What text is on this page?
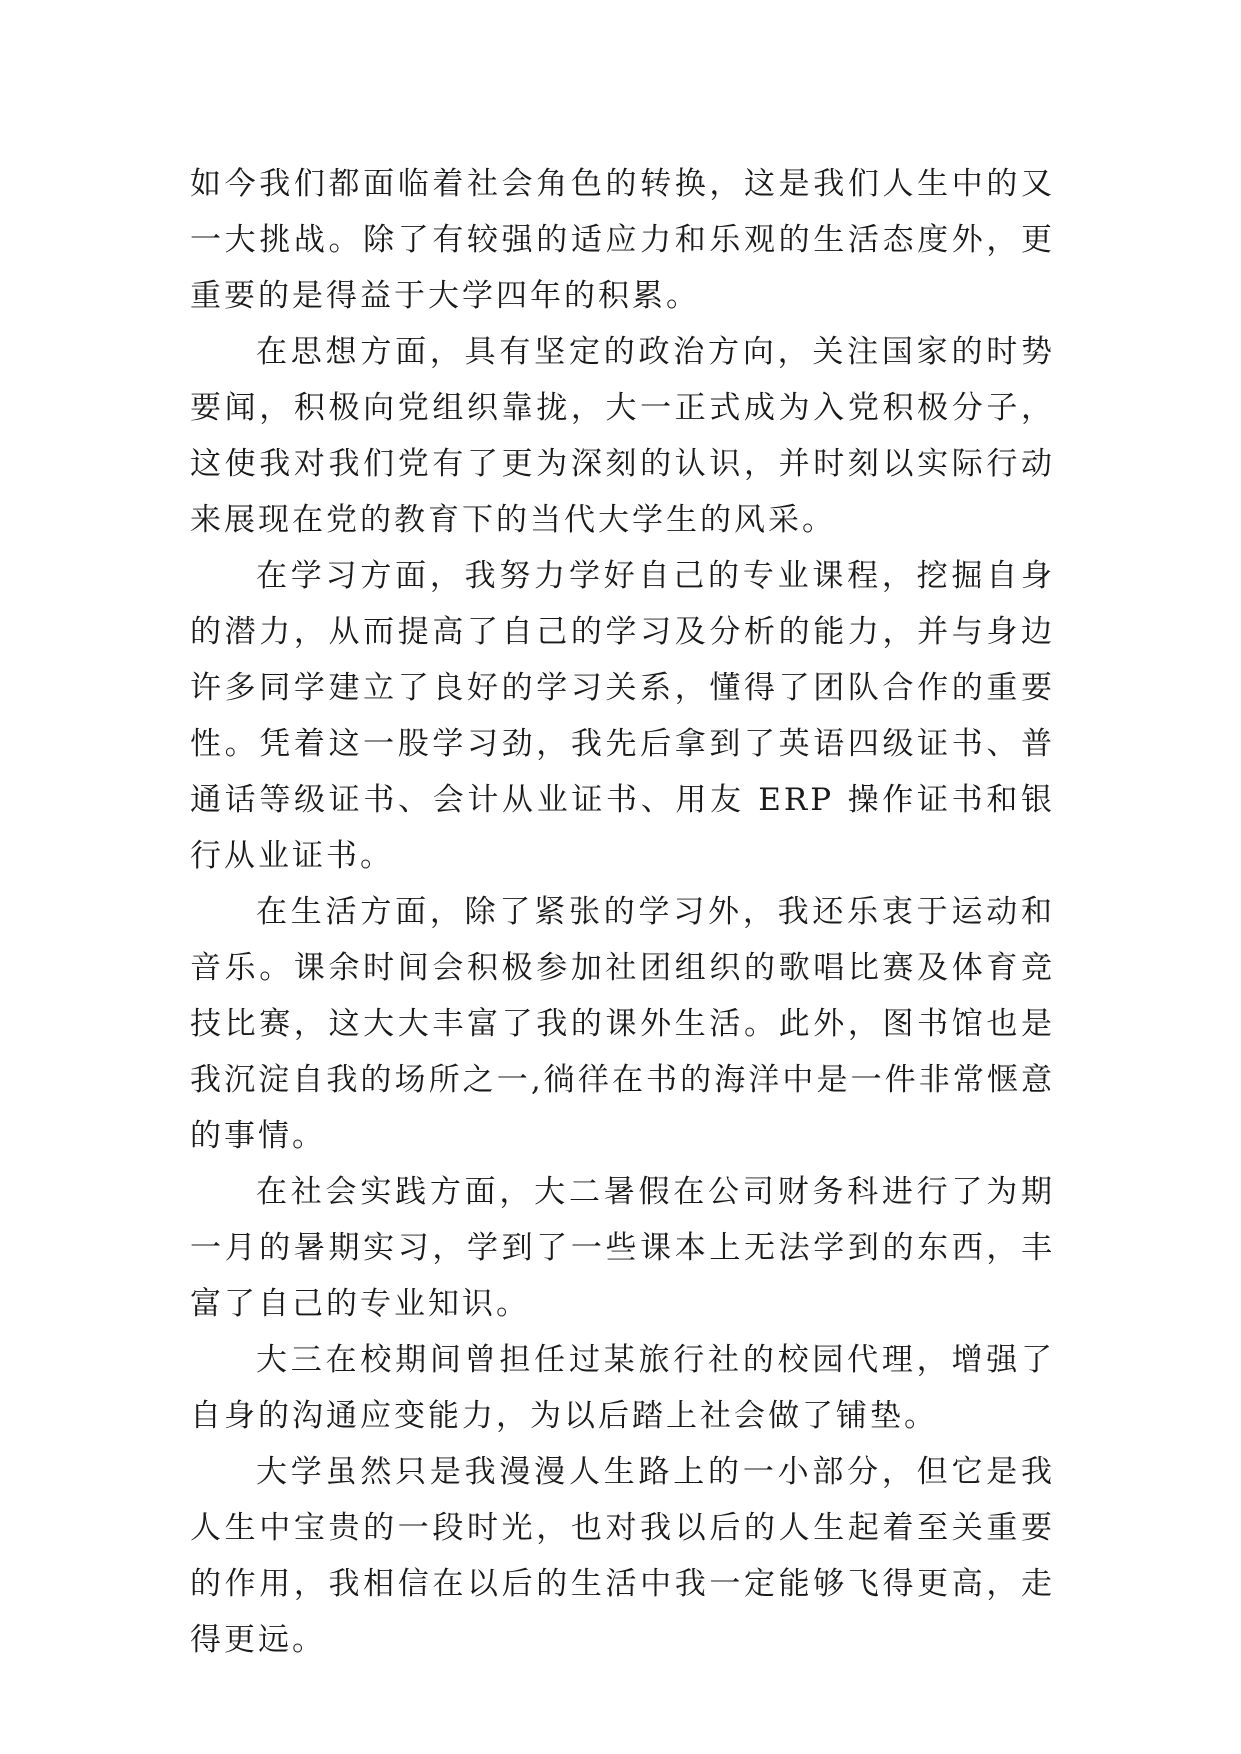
如今我们都面临着社会角色的转换，这是我们人生中的又一大挑战。除了有较强的适应力和乐观的生活态度外，更重要的是得益于大学四年的积累。

在思想方面，具有坚定的政治方向，关注国家的时势要闻，积极向党组织靠拢，大一正式成为入党积极分子，这使我对我们党有了更为深刻的认识，并时刻以实际行动来展现在党的教育下的当代大学生的风采。

在学习方面，我努力学好自己的专业课程，挖掘自身的潜力，从而提高了自己的学习及分析的能力，并与身边许多同学建立了良好的学习关系，懂得了团队合作的重要性。凭着这一股学习劲，我先后拿到了英语四级证书、普通话等级证书、会计从业证书、用友 ERP 操作证书和银行从业证书。

在生活方面，除了紧张的学习外，我还乐衷于运动和音乐。课余时间会积极参加社团组织的歌唱比赛及体育竞技比赛，这大大丰富了我的课外生活。此外，图书馆也是我沉淀自我的场所之一,徜徉在书的海洋中是一件非常惬意的事情。

在社会实践方面，大二暑假在公司财务科进行了为期一月的暑期实习，学到了一些课本上无法学到的东西，丰富了自己的专业知识。

大三在校期间曾担任过某旅行社的校园代理，增强了自身的沟通应变能力，为以后踏上社会做了铺垫。

大学虽然只是我漫漫人生路上的一小部分，但它是我人生中宝贵的一段时光，也对我以后的人生起着至关重要的作用，我相信在以后的生活中我一定能够飞得更高，走得更远。
